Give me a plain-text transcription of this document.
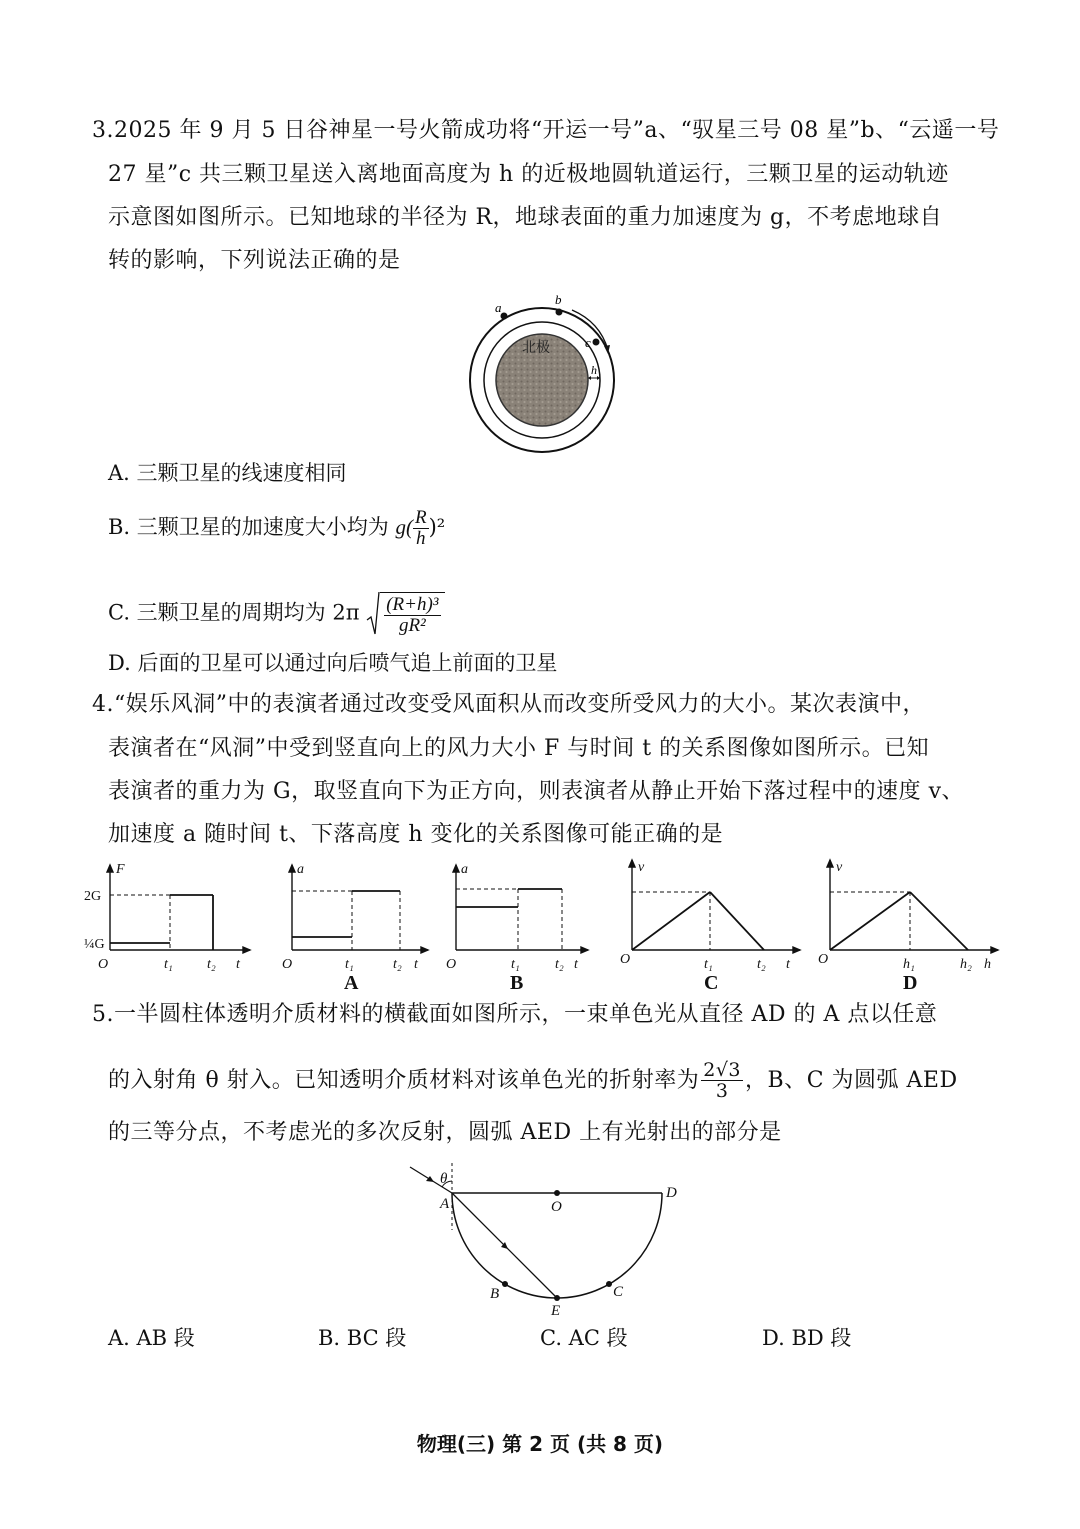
3.2025 年 9 月 5 日谷神星一号火箭成功将“开运一号”a、“驭星三号 08 星”b、“云遥一号
27 星”c 共三颗卫星送入离地面高度为 h 的近极地圆轨道运行，三颗卫星的运动轨迹
示意图如图所示。已知地球的半径为 R，地球表面的重力加速度为 g，不考虑地球自
转的影响，下列说法正确的是
北极
a
b
c
h
A. 三颗卫星的线速度相同
B. 三颗卫星的加速度大小均为 $g( \frac{R}{h} )^2$
C. 三颗卫星的周期均为 $2\pi \frac{\text{(R+h)³}}{\text{gR²}}$
D. 后面的卫星可以通过向后喷气追上前面的卫星
4.“娱乐风洞”中的表演者通过改变受风面积从而改变所受风力的大小。某次表演中，
表演者在“风洞”中受到竖直向上的风力大小 F 与时间 t 的关系图像如图所示。已知
表演者的重力为 G，取竖直向下为正方向，则表演者从静止开始下落过程中的速度 v、
加速度 a 随时间 t、下落高度 h 变化的关系图像可能正确的是
F
t
O
2G
¼G
t₁ t₂
a
t
O	t₁	t₂
a
t
O	t₁	t₂
v
t
O	t₁	t₂
v
h
O	h₁	h₂
A	B	C	D
5.一半圆柱体透明介质材料的横截面如图所示，一束单色光从直径 AD 的 A 点以任意
的入射角 θ 射入。已知透明介质材料对该单色光的折射率为 $\frac{2√3}{3}$ ，B、C 为圆弧 AED
的三等分点，不考虑光的多次反射，圆弧 AED 上有光射出的部分是
A
D
O
B	C
E
θ
A. AB 段	B. BC 段	C. AC 段	D. BD 段
物理(三) 第 2 页 (共 8 页)
